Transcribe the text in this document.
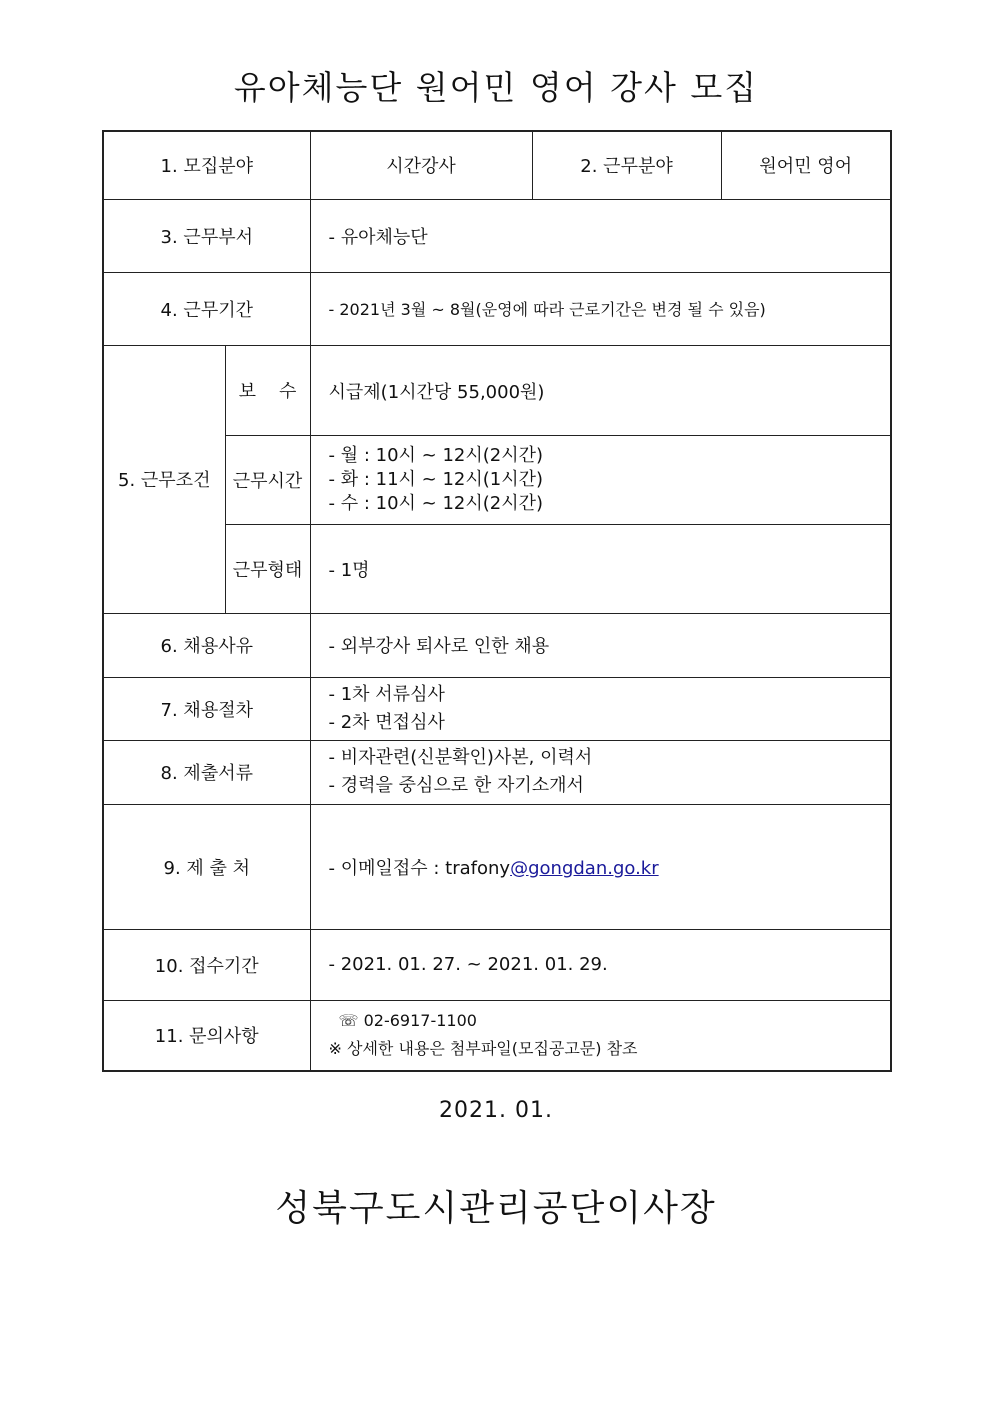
유아체능단 원어민 영어 강사 모집
1. 모집분야		시간강사	2. 근무분야	원어민 영어
3. 근무부서		- 유아체능단		
4. 근무기간		- 2021년 3월 ~ 8월(운영에 따라 근로기간은 변경 될 수 있음)		
5. 근무조건	보    수	시급제(1시간당 55,000원)		
	근무시간	- 월 : 10시 ~ 12시(2시간)
- 화 : 11시 ~ 12시(1시간)
- 수 : 10시 ~ 12시(2시간)		

	근무형태	- 1명		
6. 채용사유		- 외부강사 퇴사로 인한 채용		
7. 채용절차		- 1차 서류심사
- 2차 면접심사		

8. 제출서류		- 비자관련(신분확인)사본, 이력서
- 경력을 중심으로 한 자기소개서		

9. 제 출 처		- 이메일접수 : trafony@gongdan.go.kr		
10. 접수기간		- 2021. 01. 27. ~ 2021. 01. 29.		
11. 문의사항		☏ 02-6917-1100
※ 상세한 내용은 첨부파일(모집공고문) 참조		
2021. 01.
성북구도시관리공단이사장
